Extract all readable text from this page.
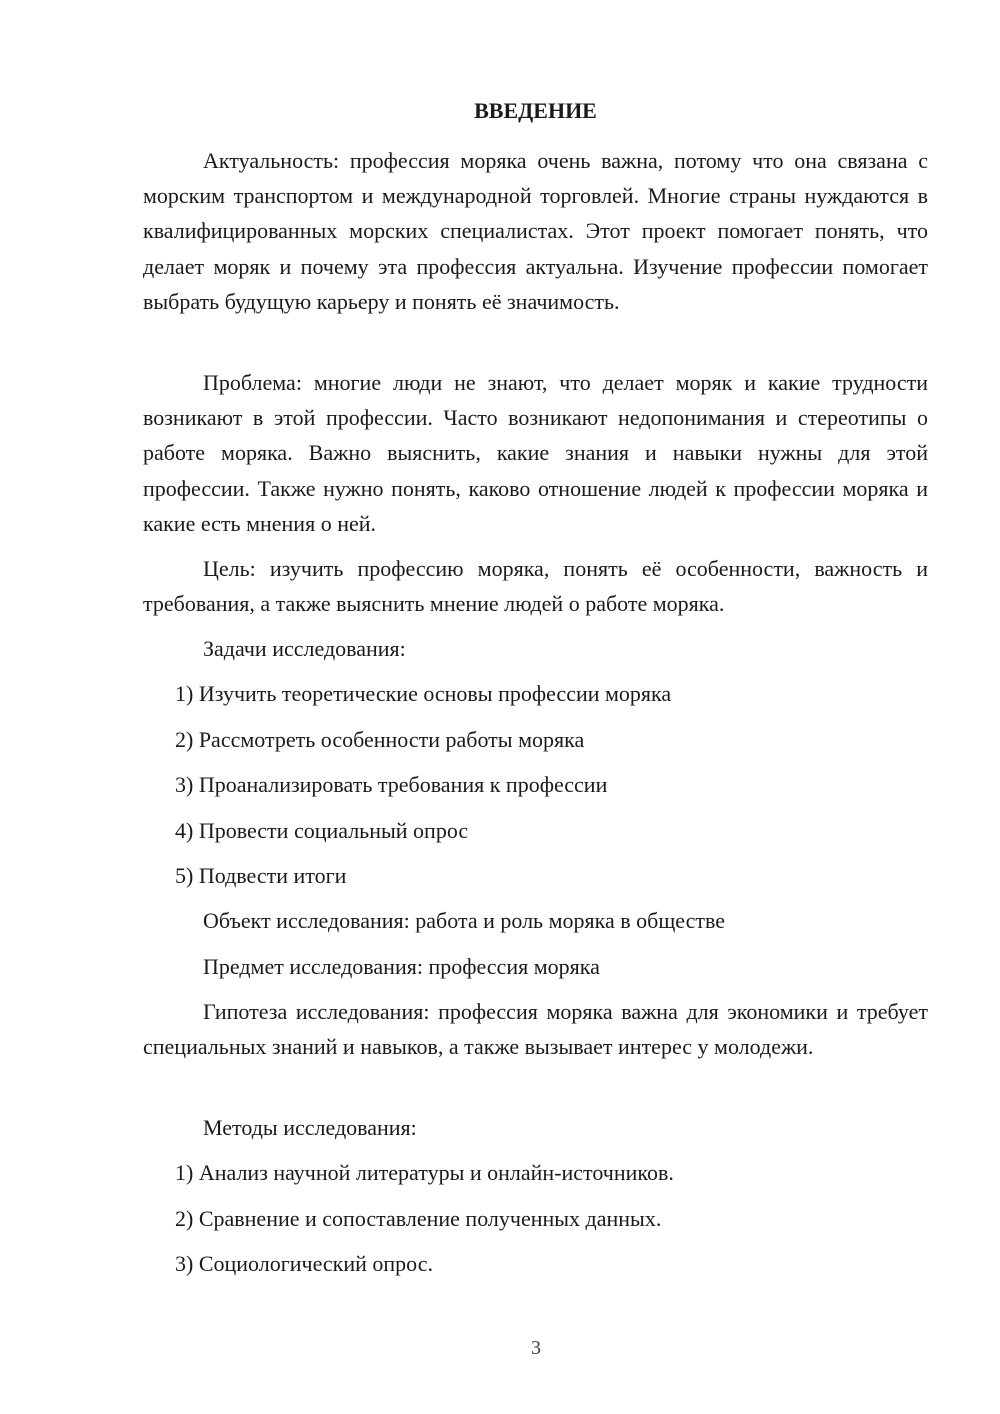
ВВЕДЕНИЕ

Актуальность: профессия моряка очень важна, потому что она связана с морским транспортом и международной торговлей. Многие страны нуждаются в квалифицированных морских специалистах. Этот проект помогает понять, что делает моряк и почему эта профессия актуальна. Изучение профессии помогает выбрать будущую карьеру и понять её значимость.

Проблема: многие люди не знают, что делает моряк и какие трудности возникают в этой профессии. Часто возникают недопонимания и стереотипы о работе моряка. Важно выяснить, какие знания и навыки нужны для этой профессии. Также нужно понять, каково отношение людей к профессии моряка и какие есть мнения о ней.

Цель: изучить профессию моряка, понять её особенности, важность и требования, а также выяснить мнение людей о работе моряка.

Задачи исследования:

1) Изучить теоретические основы профессии моряка

2) Рассмотреть особенности работы моряка

3) Проанализировать требования к профессии

4) Провести социальный опрос

5) Подвести итоги

Объект исследования: работа и роль моряка в обществе

Предмет исследования: профессия моряка

Гипотеза исследования: профессия моряка важна для экономики и требует специальных знаний и навыков, а также вызывает интерес у молодежи.

Методы исследования:

1) Анализ научной литературы и онлайн-источников.

2) Сравнение и сопоставление полученных данных.

3) Социологический опрос.

3
